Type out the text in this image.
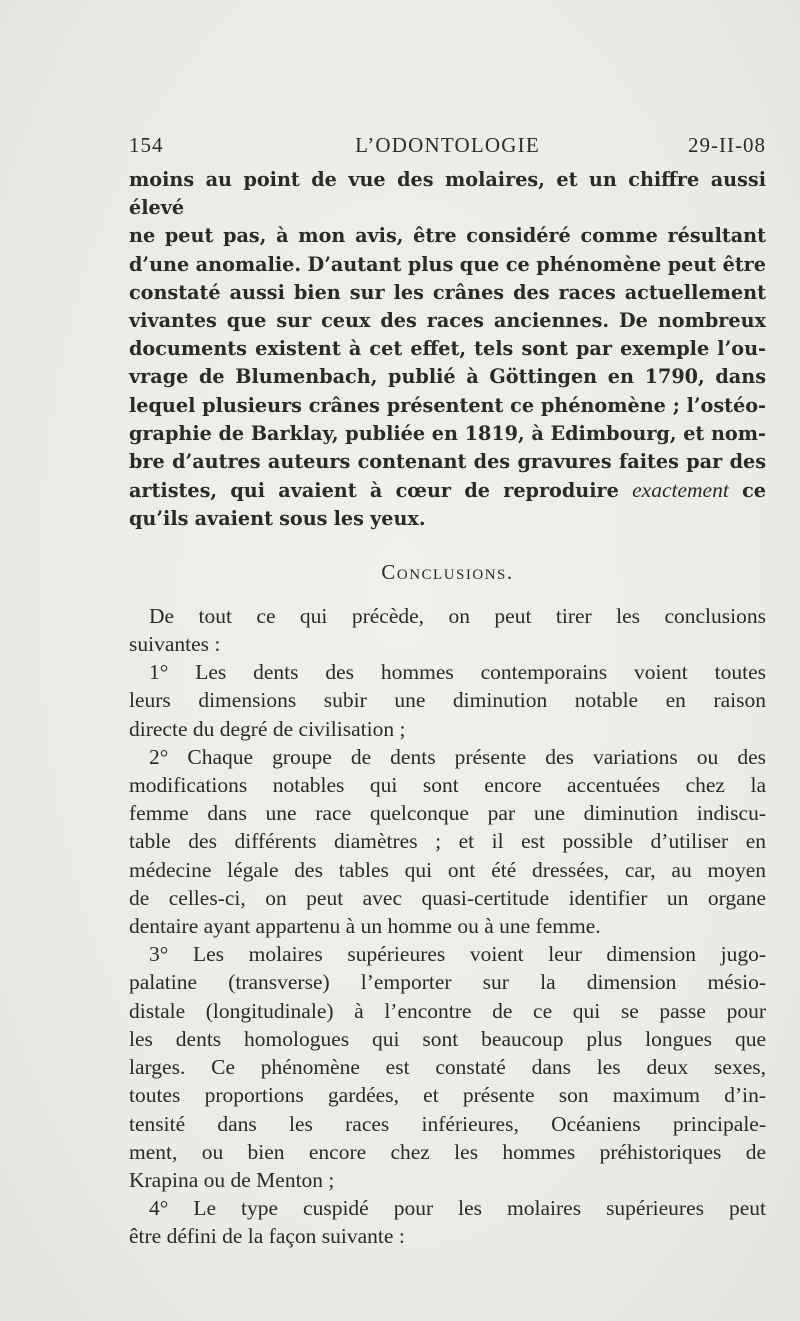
154	L’ODONTOLOGIE	29-II-08

moins au point de vue des molaires, et un chiffre aussi élevé
ne peut pas, à mon avis, être considéré comme résultant
d’une anomalie. D’autant plus que ce phénomène peut être
constaté aussi bien sur les crânes des races actuellement
vivantes que sur ceux des races anciennes. De nombreux
documents existent à cet effet, tels sont par exemple l’ou-
vrage de Blumenbach, publié à Göttingen en 1790, dans
lequel plusieurs crânes présentent ce phénomène ; l’ostéo-
graphie de Barklay, publiée en 1819, à Edimbourg, et nom-
bre d’autres auteurs contenant des gravures faites par des
artistes, qui avaient à cœur de reproduire exactement ce
qu’ils avaient sous les yeux.

Conclusions.

De tout ce qui précède, on peut tirer les conclusions
suivantes :

1° Les dents des hommes contemporains voient toutes
leurs dimensions subir une diminution notable en raison
directe du degré de civilisation ;

2° Chaque groupe de dents présente des variations ou des
modifications notables qui sont encore accentuées chez la
femme dans une race quelconque par une diminution indiscu-
table des différents diamètres ; et il est possible d’utiliser en
médecine légale des tables qui ont été dressées, car, au moyen
de celles-ci, on peut avec quasi-certitude identifier un organe
dentaire ayant appartenu à un homme ou à une femme.

3° Les molaires supérieures voient leur dimension jugo-
palatine (transverse) l’emporter sur la dimension mésio-
distale (longitudinale) à l’encontre de ce qui se passe pour
les dents homologues qui sont beaucoup plus longues que
larges. Ce phénomène est constaté dans les deux sexes,
toutes proportions gardées, et présente son maximum d’in-
tensité dans les races inférieures, Océaniens principale-
ment, ou bien encore chez les hommes préhistoriques de
Krapina ou de Menton ;

4° Le type cuspidé pour les molaires supérieures peut
être défini de la façon suivante :
